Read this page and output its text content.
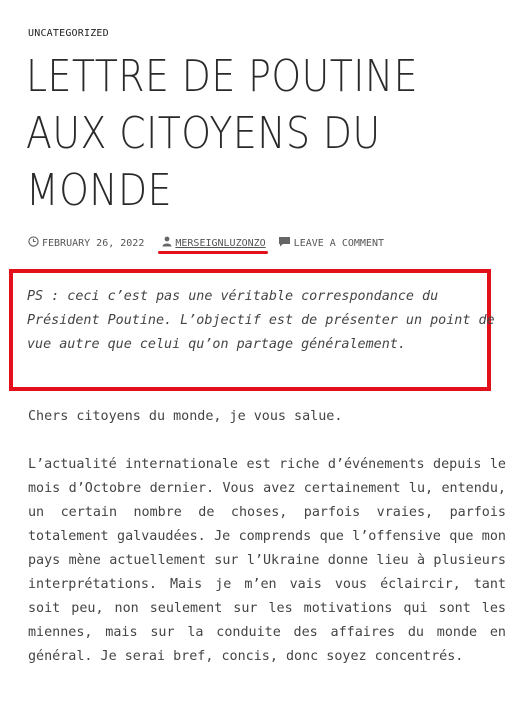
UNCATEGORIZED
LETTRE DE POUTINE
AUX CITOYENS DU
MONDE
FEBRUARY 26, 2022	MERSEIGNLUZONZO	LEAVE A COMMENT

PS : ceci c’est pas une véritable correspondance du Président Poutine. L’objectif est de présenter un point de vue autre que celui qu’on partage généralement.

Chers citoyens du monde, je vous salue.

L’actualité internationale est riche d’événements depuis le mois d’Octobre dernier. Vous avez certainement lu, entendu, un certain nombre de choses, parfois vraies, parfois totalement galvaudées. Je comprends que l’offensive que mon pays mène actuellement sur l’Ukraine donne lieu à plusieurs interprétations. Mais je m’en vais vous éclaircir, tant soit peu, non seulement sur les motivations qui sont les miennes, mais sur la conduite des affaires du monde en général. Je serai bref, concis, donc soyez concentrés.
